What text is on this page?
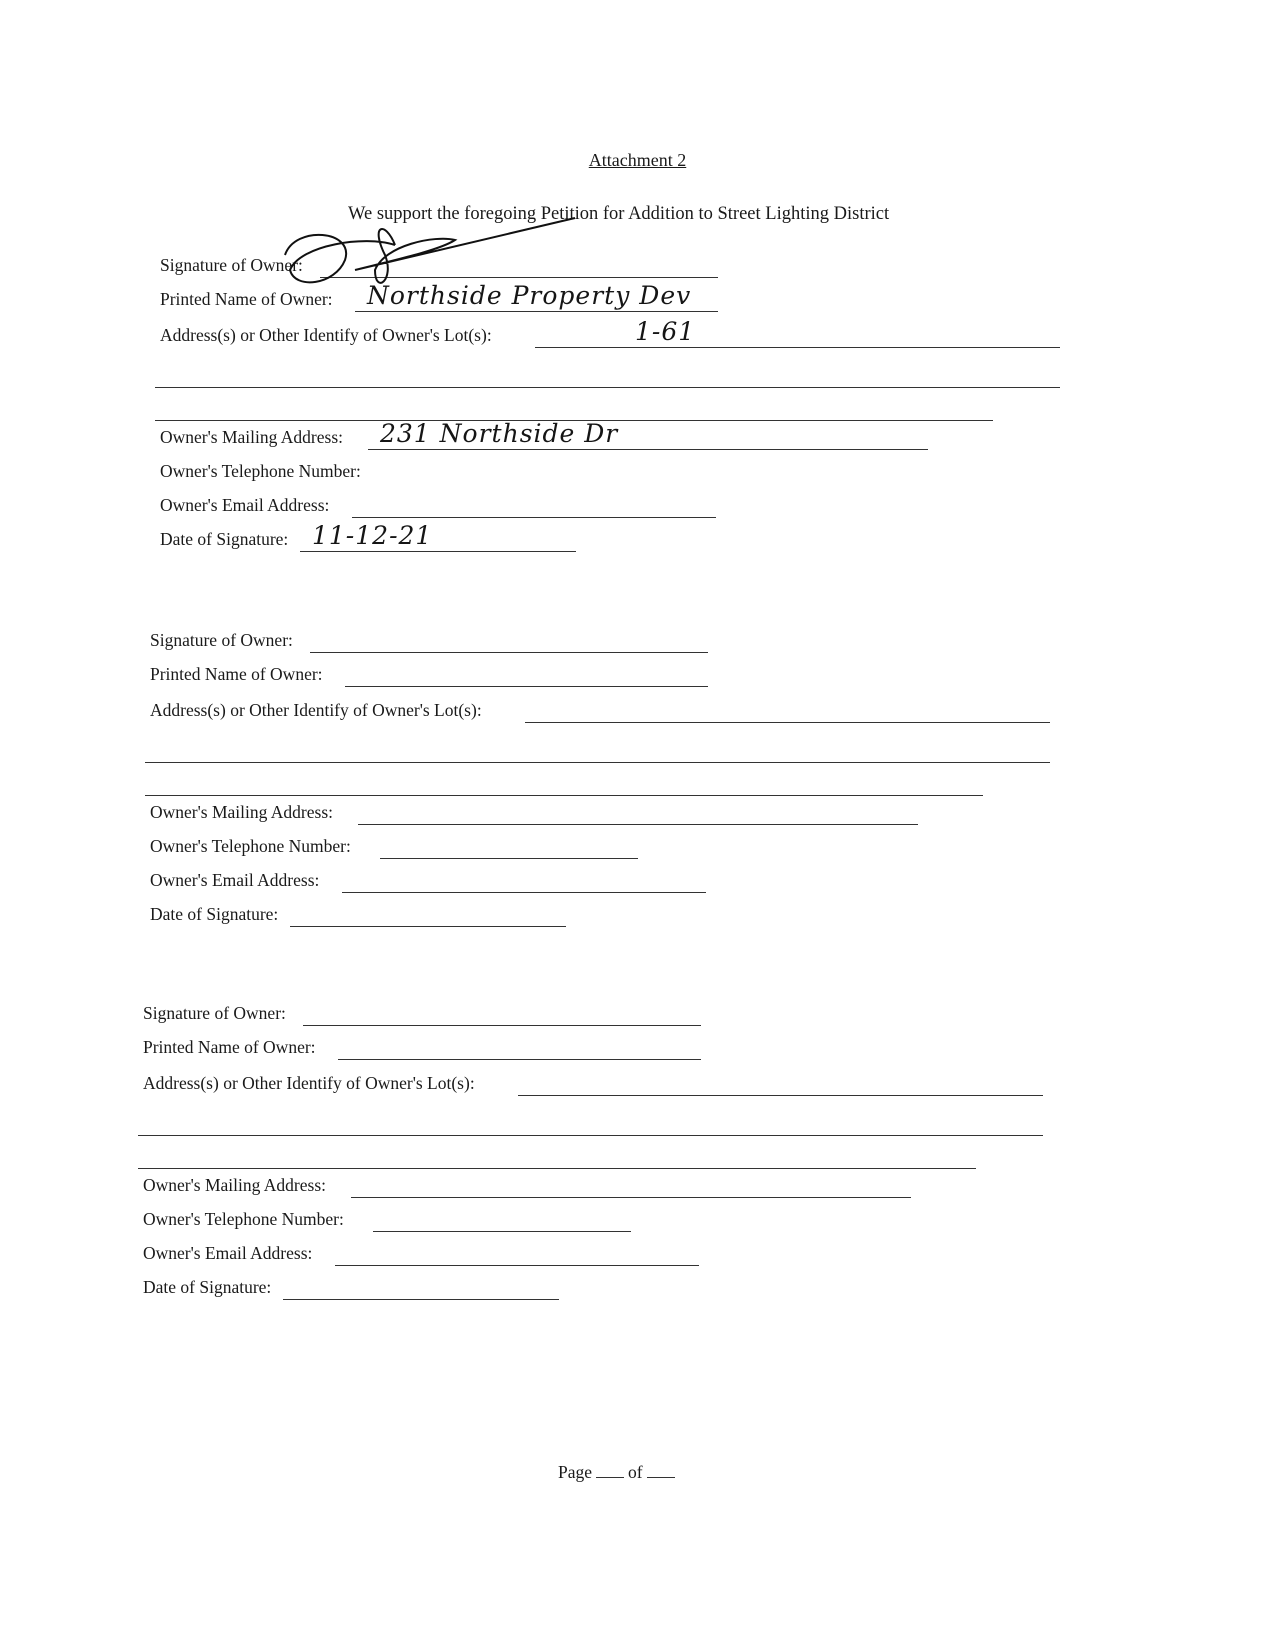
Attachment 2
We support the foregoing Petition for Addition to Street Lighting District
Signature of Owner:
Printed Name of Owner: Northside Property Dev
Address(s) or Other Identify of Owner's Lot(s):	1-61
Owner's Mailing Address: 231 Northside Dr
Owner's Telephone Number:
Owner's Email Address:
Date of Signature: 11-12-21
Signature of Owner:
Printed Name of Owner:
Address(s) or Other Identify of Owner's Lot(s):
Owner's Mailing Address:
Owner's Telephone Number:
Owner's Email Address:
Date of Signature:
Signature of Owner:
Printed Name of Owner:
Address(s) or Other Identify of Owner's Lot(s):
Owner's Mailing Address:
Owner's Telephone Number:
Owner's Email Address:
Date of Signature:
Page of
